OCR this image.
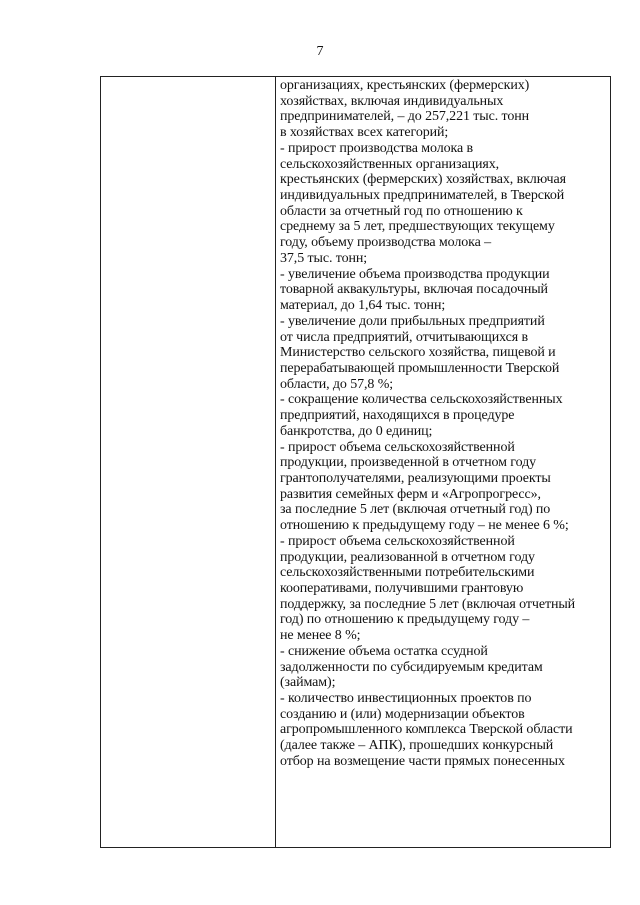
7
организациях, крестьянских (фермерских)
хозяйствах, включая индивидуальных
предпринимателей, – до 257,221 тыс. тонн
в хозяйствах всех категорий;
- прирост производства молока в
сельскохозяйственных организациях,
крестьянских (фермерских) хозяйствах, включая
индивидуальных предпринимателей, в Тверской
области за отчетный год по отношению к
среднему за 5 лет, предшествующих текущему
году, объему производства молока –
37,5 тыс. тонн;
- увеличение объема производства продукции
товарной аквакультуры, включая посадочный
материал, до 1,64 тыс. тонн;
- увеличение доли прибыльных предприятий
от числа предприятий, отчитывающихся в
Министерство сельского хозяйства, пищевой и
перерабатывающей промышленности Тверской
области, до 57,8 %;
- сокращение количества сельскохозяйственных
предприятий, находящихся в процедуре
банкротства, до 0 единиц;
- прирост объема сельскохозяйственной
продукции, произведенной в отчетном году
грантополучателями, реализующими проекты
развития семейных ферм и «Агропрогресс»,
за последние 5 лет (включая отчетный год) по
отношению к предыдущему году – не менее 6 %;
- прирост объема сельскохозяйственной
продукции, реализованной в отчетном году
сельскохозяйственными потребительскими
кооперативами, получившими грантовую
поддержку, за последние 5 лет (включая отчетный
год) по отношению к предыдущему году –
не менее 8 %;
- снижение объема остатка ссудной
задолженности по субсидируемым кредитам
(займам);
- количество инвестиционных проектов по
созданию и (или) модернизации объектов
агропромышленного комплекса Тверской области
(далее также – АПК), прошедших конкурсный
отбор на возмещение части прямых понесенных
